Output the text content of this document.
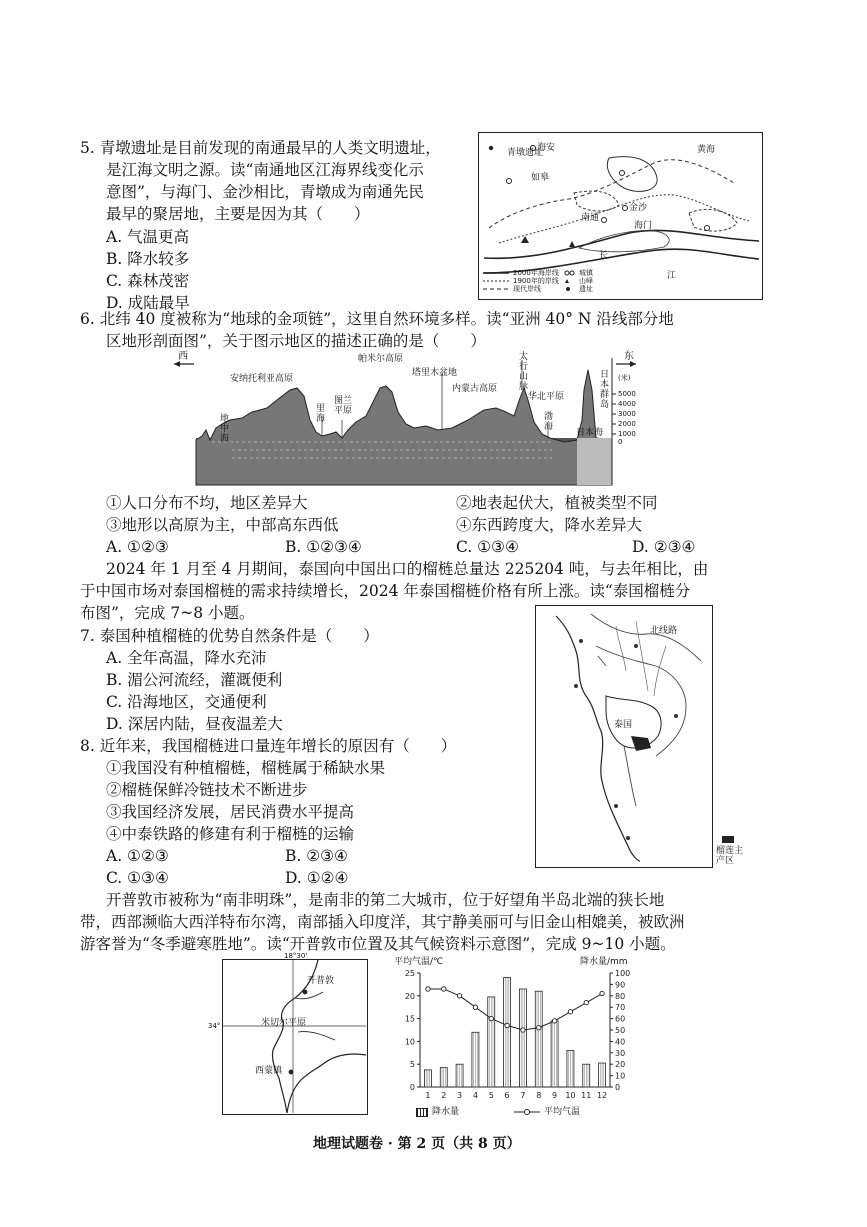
5. 青墩遗址是目前发现的南通最早的人类文明遗址，
是江海文明之源。读“南通地区江海界线变化示
意图”，与海门、金沙相比，青墩成为南通先民
最早的聚居地，主要是因为其（　　）
A. 气温更高
B. 降水较多
C. 森林茂密
D. 成陆最早
青墩遗址
海安
如皋
黄海
南通
金沙
海门
长
江
2000年海岸线
1900年的岸线
现代岸线
城镇
山峰
遗址
6. 北纬 40 度被称为“地球的金项链”，这里自然环境多样。读“亚洲 40° N 沿线部分地
区地形剖面图”，关于图示地区的描述正确的是（　　）
西	东
(米)
地中海
安纳托利亚高原
里海
图兰平原
帕米尔高原
塔里木盆地
内蒙古高原
太行山脉
华北平原
渤海
日本海
日本群岛
5000
4000
3000
2000
1000
0
①人口分布不均，地区差异大	②地表起伏大，植被类型不同
③地形以高原为主，中部高东西低	④东西跨度大，降水差异大
A. ①②③	B. ①②③④	C. ①③④	D. ②③④
2024 年 1 月至 4 月期间，泰国向中国出口的榴梿总量达 225204 吨，与去年相比，由
于中国市场对泰国榴梿的需求持续增长，2024 年泰国榴梿价格有所上涨。读“泰国榴梿分
布图”，完成 7~8 小题。
7. 泰国种植榴梿的优势自然条件是（　　）
A. 全年高温，降水充沛
B. 湄公河流经，灌溉便利
C. 沿海地区，交通便利
D. 深居内陆，昼夜温差大
8. 近年来，我国榴梿进口量连年增长的原因有（　　）
①我国没有种植榴梿，榴梿属于稀缺水果
②榴梿保鲜冷链技术不断进步
③我国经济发展，居民消费水平提高
④中泰铁路的修建有利于榴梿的运输
A. ①②③	B. ②③④
C. ①③④	D. ①②④
北线路
泰国
榴莲主
产区
开普敦市被称为“南非明珠”，是南非的第二大城市，位于好望角半岛北端的狭长地
带，西部濒临大西洋特布尔湾，南部插入印度洋，其宁静美丽可与旧金山相媲美，被欧洲
游客誉为“冬季避寒胜地”。读“开普敦市位置及其气候资料示意图”，完成 9~10 小题。
开普敦
米切尔平原
西蒙镇
18°30'
34°
平均气温/℃	降水量/mm
0
5
10
15
20
25
0
10
20
30
40
50
60
70
80
90
100
1 2 3 4 5 6 7 8 9 10 11 12
降水量	平均气温
地理试题卷 · 第 2 页（共 8 页）
